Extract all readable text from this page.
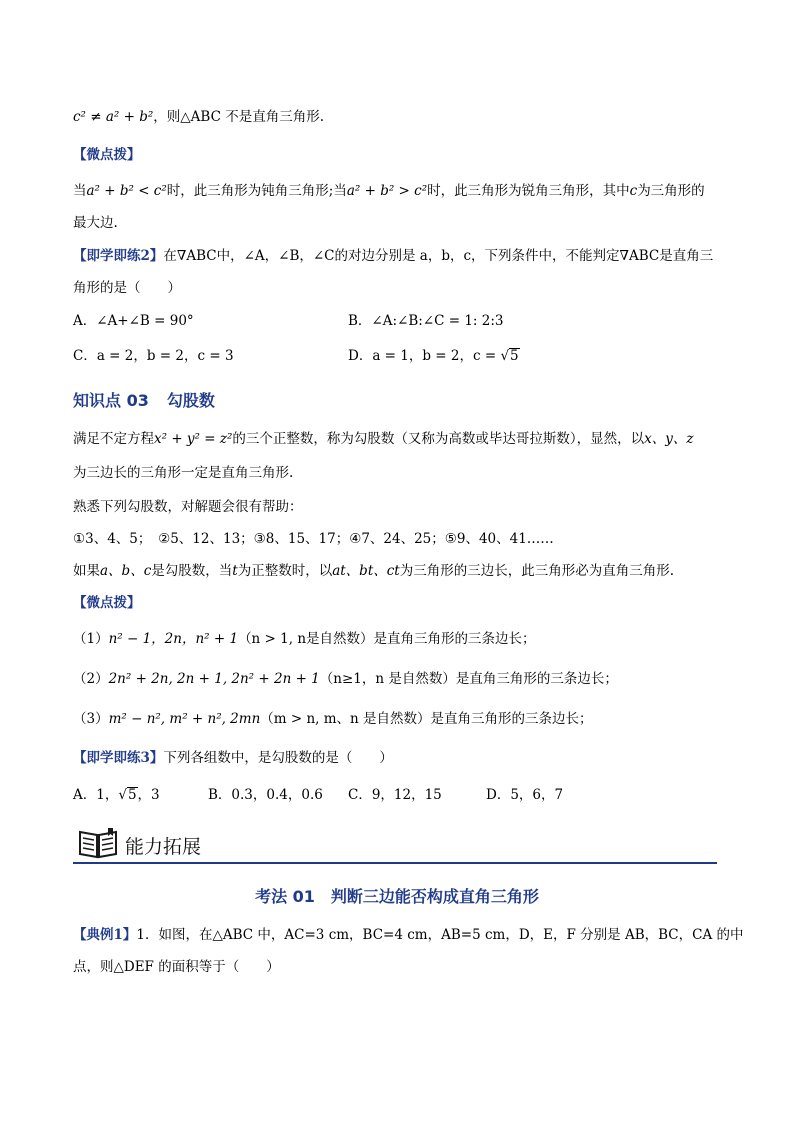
c² ≠ a² + b²，则△ABC 不是直角三角形.
【微点拨】
当a² + b² < c²时，此三角形为钝角三角形;当a² + b² > c²时，此三角形为锐角三角形，其中c为三角形的
最大边.
【即学即练2】在∇ABC中，∠A，∠B，∠C的对边分别是 a，b，c，下列条件中，不能判定∇ABC是直角三
角形的是（　　）
A．∠A+∠B = 90°	B．∠A:∠B:∠C = 1: 2:3
C．a = 2，b = 2，c = 3	D．a = 1，b = 2，c = √5
知识点 03 勾股数
满足不定方程x² + y² = z²的三个正整数，称为勾股数（又称为高数或毕达哥拉斯数），显然，以x、y、z
为三边长的三角形一定是直角三角形.
熟悉下列勾股数，对解题会很有帮助：
①3、4、5；　②5、12、13；③8、15、17；④7、24、25；⑤9、40、41……
如果a、b、c是勾股数，当t为正整数时，以at、bt、ct为三角形的三边长，此三角形必为直角三角形.
【微点拨】
（1）n² − 1，2n，n² + 1（n > 1, n是自然数）是直角三角形的三条边长；
（2）2n² + 2n, 2n + 1, 2n² + 2n + 1（n≥1，n 是自然数）是直角三角形的三条边长；
（3）m² − n², m² + n², 2mn（m > n, m、n 是自然数）是直角三角形的三条边长；
【即学即练3】下列各组数中，是勾股数的是（　　）
A．1，√5，3	B．0.3，0.4，0.6 C．9，12，15	D．5，6，7
能力拓展
考法 01 判断三边能否构成直角三角形
【典例1】1．如图，在△ABC 中，AC=3 cm，BC=4 cm，AB=5 cm，D，E，F 分别是 AB，BC，CA 的中
点，则△DEF 的面积等于（　　）
